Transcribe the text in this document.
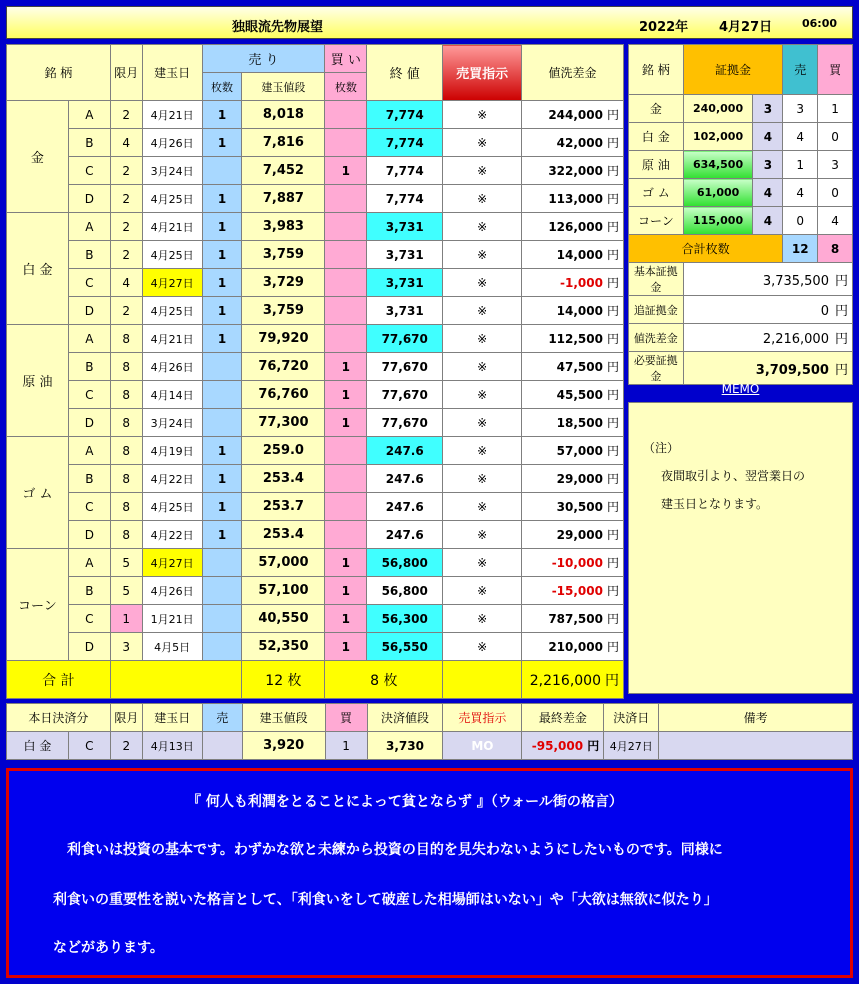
独眼流先物展望	2022年 4月27日	06:00
銘 柄		限月	建玉日	売 り		買 い	終 値	売買指示	値洗差金
				枚数	建玉値段	枚数			
金	A	2	4月21日	1	8,018		7,774	※	244,000 円
	B	4	4月26日	1	7,816		7,774	※	42,000 円
	C	2	3月24日		7,452	1	7,774	※	322,000 円
	D	2	4月25日	1	7,887		7,774	※	113,000 円
白 金	A	2	4月21日	1	3,983		3,731	※	126,000 円
	B	2	4月25日	1	3,759		3,731	※	14,000 円
	C	4	4月27日	1	3,729		3,731	※	-1,000 円
	D	2	4月25日	1	3,759		3,731	※	14,000 円
原 油	A	8	4月21日	1	79,920		77,670	※	112,500 円
	B	8	4月26日		76,720	1	77,670	※	47,500 円
	C	8	4月14日		76,760	1	77,670	※	45,500 円
	D	8	3月24日		77,300	1	77,670	※	18,500 円
ゴ ム	A	8	4月19日	1	259.0		247.6	※	57,000 円
	B	8	4月22日	1	253.4		247.6	※	29,000 円
	C	8	4月25日	1	253.7		247.6	※	30,500 円
	D	8	4月22日	1	253.4		247.6	※	29,000 円
コーン	A	5	4月27日		57,000	1	56,800	※	-10,000 円
	B	5	4月26日		57,100	1	56,800	※	-15,000 円
	C	1	1月21日		40,550	1	56,300	※	787,500 円
	D	3	4月5日		52,350	1	56,550	※	210,000 円
合 計					12 枚	8 枚			2,216,000 円
銘 柄	証拠金		売	買
金	240,000	3	3	1
白 金	102,000	4	4	0
原 油	634,500	3	1	3
ゴ ム	61,000	4	4	0
コーン	115,000	4	0	4
合計枚数			12	8
基本証拠金	3,735,500 円			
追証拠金	0 円			
値洗差金	2,216,000 円			
必要証拠金	3,709,500 円			
MEMO
（注）
夜間取引より、翌営業日の
建玉日となります。
本日決済分		限月	建玉日	売	建玉値段	買	決済値段	売買指示	最終差金	決済日	備考
白 金	C	2	4月13日		3,920	1	3,730	MO	-95,000 円	4月27日	

『 何人も利潤をとることによって貧とならず 』（ウォール街の格言）

　利食いは投資の基本です。わずかな欲と未練から投資の目的を見失わないようにしたいものです。同様に

利食いの重要性を説いた格言として、「利食いをして破産した相場師はいない」や「大欲は無欲に似たり」

などがあります。
